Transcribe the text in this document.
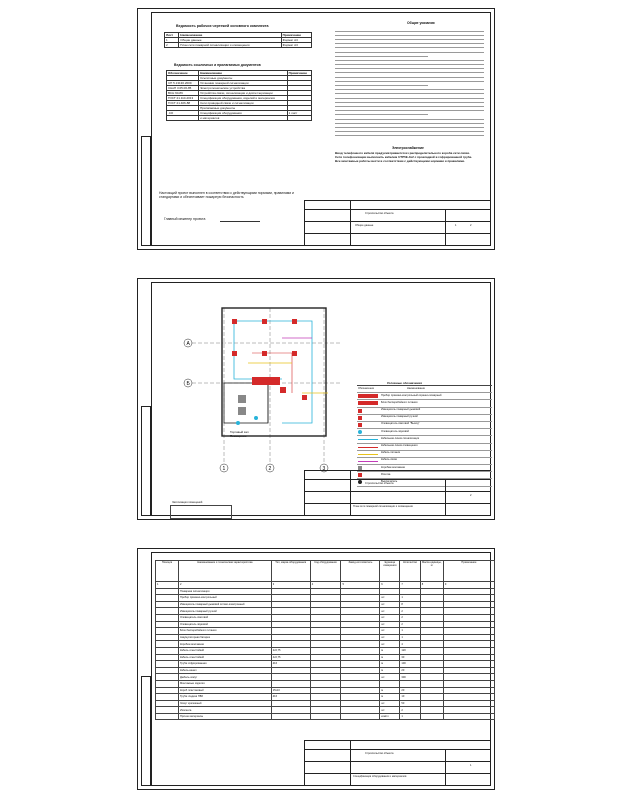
Ведомость рабочих чертежей основного комплекта
Лист	Наименование	Примечание
1	Общие данные	Формат А3
2	План сети пожарной сигнализации и оповещения	Формат А3
Ведомость ссылочных и прилагаемых документов
Обозначение	Наименование	Примечание
	Ссылочные документы	
СП 5.13130.2009	Установки пожарной сигнализации	
СНиП 3.05.06-85	Электротехнические устройства	
ВСН 60-89	Устройства связи, сигнализации и диспетчеризации	
ГОСТ 21.110-2013	Спецификация оборудования, изделий и материалов	
ГОСТ 21.406-88	Сети проводной связи и сигнализации	
	Прилагаемые документы	
.СО	Спецификация оборудования	1 лист
	и материалов	
Настоящий проект выполнен в соответствии с действующими нормами, правилами и стандартами и обеспечивает пожарную безопасность
Главный инженер проекта
Общие указания
Электроснабжение

Ввод телефонного кабеля предусматривается из распределительного короба сети связи.

Сети телефонизации выполнить кабелем UTP5E-4x2 с прокладкой в гофрированной трубе.

Все монтажные работы вести в соответствии с действующими нормами и правилами.

Строительство объекта
Общие данные	1	2
1	2	3
А
Б
Торговый зал
Помещение
Условные обозначения
Обозначение	Наименование
Прибор приемно-контрольный охранно-пожарный
Блок бесперебойного питания
Извещатель пожарный дымовой
Извещатель пожарный ручной
Оповещатель световой "Выход"
Оповещатель звуковой
Кабельная линия сигнализации
Кабельная линия оповещения
Кабель питания
Кабель связи
Коробка монтажная
Розетка
Выключатель
Экспликация помещений
Строительство объекта
План сети пожарной сигнализации и оповещения
2
Позиция	Наименование и техническая характеристика	Тип, марка оборудования	Код оборудования	Завод-изготовитель	Единица измерения	Количество	Масса единицы, кг	Примечание
1	2	3	4	5	6	7	8	9
	Пожарная сигнализация							
	Прибор приемно-контрольный				шт	1		
	Извещатель пожарный дымовой оптико-электронный				шт	8		
	Извещатель пожарный ручной				шт	2		
	Оповещатель световой				шт	2		
	Оповещатель звуковой				шт	2		
	Блок бесперебойного питания				шт	1		
	Аккумуляторная батарея				шт	1		
	Коробка монтажная				шт	4		
	Кабель огнестойкий	2x0,75			м	120		
	Кабель огнестойкий	4x0,75			м	30		
	Труба гофрированная	d16			м	100		
	Кабель-канал				м	20		
	Дюбель-хомут				шт	300		
	Монтажные изделия							
	Короб пластиковый	15x10			м	20		
	Труба гладкая ПВХ	d16			м	10		
	Хомут крепежный				шт	50		
	Изолента				шт	2		
	Прочие материалы				компл	1		
Строительство объекта
Спецификация оборудования и материалов
1
